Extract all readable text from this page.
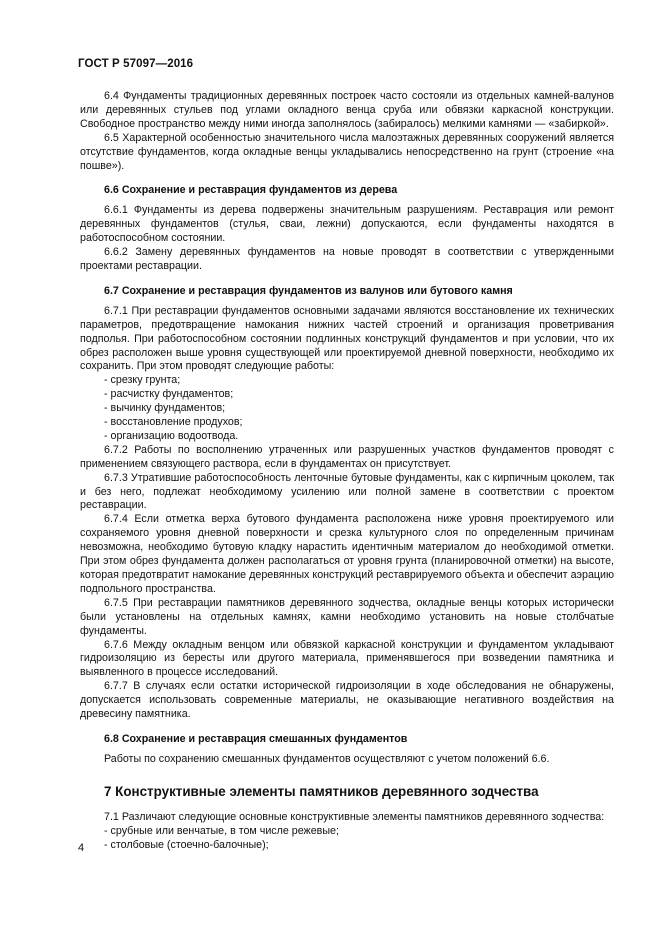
ГОСТ Р 57097—2016

6.4 Фундаменты традиционных деревянных построек часто состояли из отдельных камней-валунов или деревянных стульев под углами окладного венца сруба или обвязки каркасной конструкции. Свободное пространство между ними иногда заполнялось (забиралось) мелкими камнями — «забиркой».

6.5 Характерной особенностью значительного числа малоэтажных деревянных сооружений является отсутствие фундаментов, когда окладные венцы укладывались непосредственно на грунт (строение «на пошве»).

6.6 Сохранение и реставрация фундаментов из дерева

6.6.1 Фундаменты из дерева подвержены значительным разрушениям. Реставрация или ремонт деревянных фундаментов (стулья, сваи, лежни) допускаются, если фундаменты находятся в работоспособном состоянии.

6.6.2 Замену деревянных фундаментов на новые проводят в соответствии с утвержденными проектами реставрации.

6.7 Сохранение и реставрация фундаментов из валунов или бутового камня

6.7.1 При реставрации фундаментов основными задачами являются восстановление их технических параметров, предотвращение намокания нижних частей строений и организация проветривания подполья. При работоспособном состоянии подлинных конструкций фундаментов и при условии, что их обрез расположен выше уровня существующей или проектируемой дневной поверхности, необходимо их сохранить. При этом проводят следующие работы:

- срезку грунта;

- расчистку фундаментов;

- вычинку фундаментов;

- восстановление продухов;

- организацию водоотвода.

6.7.2 Работы по восполнению утраченных или разрушенных участков фундаментов проводят с применением связующего раствора, если в фундаментах он присутствует.

6.7.3 Утратившие работоспособность ленточные бутовые фундаменты, как с кирпичным цоколем, так и без него, подлежат необходимому усилению или полной замене в соответствии с проектом реставрации.

6.7.4 Если отметка верха бутового фундамента расположена ниже уровня проектируемого или сохраняемого уровня дневной поверхности и срезка культурного слоя по определенным причинам невозможна, необходимо бутовую кладку нарастить идентичным материалом до необходимой отметки. При этом обрез фундамента должен располагаться от уровня грунта (планировочной отметки) на высоте, которая предотвратит намокание деревянных конструкций реставрируемого объекта и обеспечит аэрацию подпольного пространства.

6.7.5 При реставрации памятников деревянного зодчества, окладные венцы которых исторически были установлены на отдельных камнях, камни необходимо установить на новые столбчатые фундаменты.

6.7.6 Между окладным венцом или обвязкой каркасной конструкции и фундаментом укладывают гидроизоляцию из бересты или другого материала, применявшегося при возведении памятника и выявленного в процессе исследований.

6.7.7 В случаях если остатки исторической гидроизоляции в ходе обследования не обнаружены, допускается использовать современные материалы, не оказывающие негативного воздействия на древесину памятника.

6.8 Сохранение и реставрация смешанных фундаментов

Работы по сохранению смешанных фундаментов осуществляют с учетом положений 6.6.

7 Конструктивные элементы памятников деревянного зодчества

7.1 Различают следующие основные конструктивные элементы памятников деревянного зодчества:

- срубные или венчатые, в том числе режевые;

- столбовые (стоечно-балочные);

4
